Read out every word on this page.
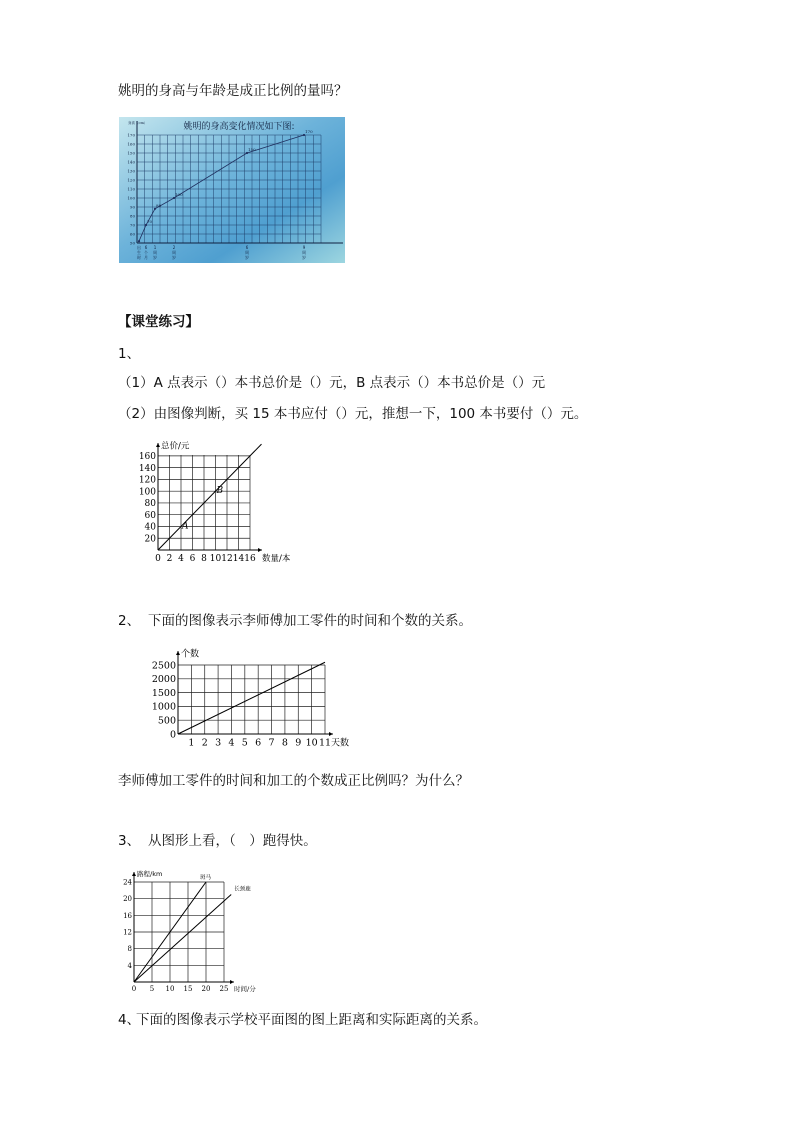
姚明的身高与年龄是成正比例的量吗？
姚明的身高变化情况如下图:
身高（cm）
50
60
70
80
90
100
110
120
130
140
150
160
170
出
生
时
6
个
月
1
周
岁
2
周
岁
6
周
岁
9
周
岁
70
88
100
150
170
【课堂练习】
1、
（1）A 点表示（）本书总价是（）元，B 点表示（）本书总价是（）元
（2）由图像判断，买 15 本书应付（）元，推想一下，100 本书要付（）元。
0 2 4 6 8 10 12 14 16
20
40
60
80
100
120
140
160
总价/元
数量/本
A
B
2、 下面的图像表示李师傅加工零件的时间和个数的关系。
1 2 3 4 5 6 7 8 9 10 11
0
500
1000
1500
2000
2500
个数
天数
李师傅加工零件的时间和加工的个数成正比例吗？为什么？
3、 从图形上看，（　）跑得快。
0 5 10 15 20 25
4
8
12
16
20
24
路程/km
时间/分
斑马
长颈鹿
4、
下面的图像表示学校平面图的图上距离和实际距离的关系。
